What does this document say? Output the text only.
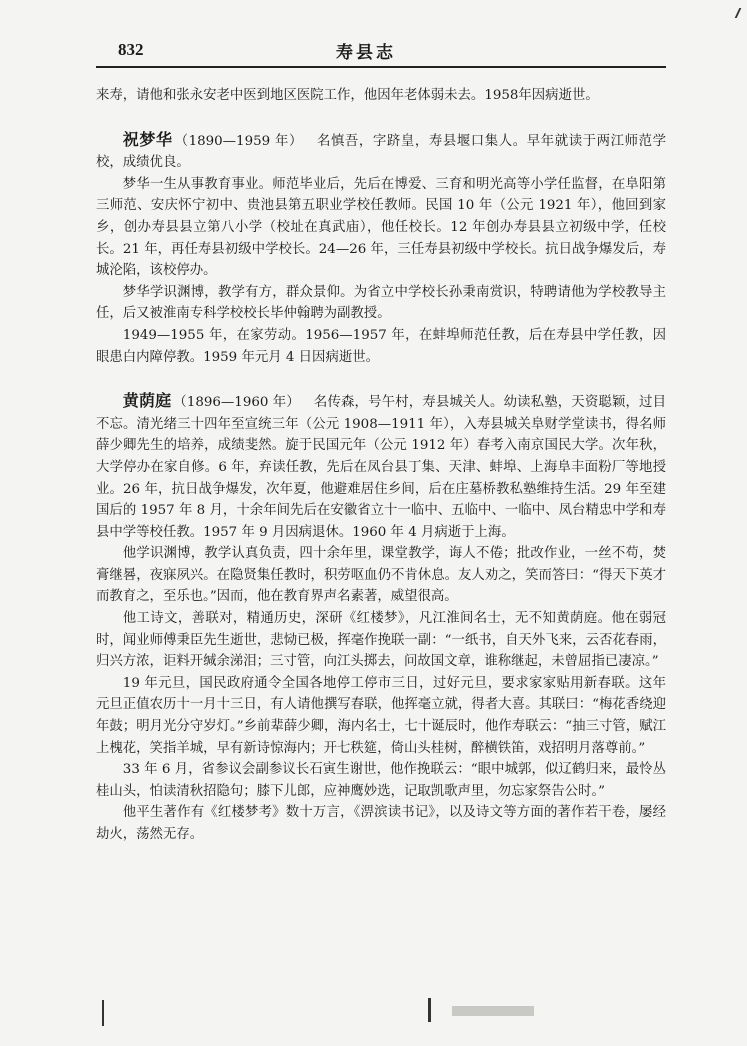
832	寿县志

来寿，请他和张永安老中医到地区医院工作，他因年老体弱未去。1958年因病逝世。

祝梦华 （1890—1959 年） 名慎吾，字跻皇，寿县堰口集人。早年就读于两江师范学校，成绩优良。

梦华一生从事教育事业。师范毕业后，先后在博爱、三育和明光高等小学任监督，在阜阳第三师范、安庆怀宁初中、贵池县第五职业学校任教师。民国 10 年（公元 1921 年），他回到家乡，创办寿县县立第八小学（校址在真武庙），他任校长。12 年创办寿县县立初级中学，任校长。21 年，再任寿县初级中学校长。24—26 年，三任寿县初级中学校长。抗日战争爆发后，寿城沦陷，该校停办。

梦华学识渊博，教学有方，群众景仰。为省立中学校长孙秉南赏识，特聘请他为学校教导主任，后又被淮南专科学校校长毕仲翰聘为副教授。

1949—1955 年，在家劳动。1956—1957 年，在蚌埠师范任教，后在寿县中学任教，因眼患白内障停教。1959 年元月 4 日因病逝世。

黄荫庭 （1896—1960 年） 名传森，号午村，寿县城关人。幼读私塾，天资聪颖，过目不忘。清光绪三十四年至宣统三年（公元 1908—1911 年），入寿县城关阜财学堂读书，得名师薛少卿先生的培养，成绩斐然。旋于民国元年（公元 1912 年）春考入南京国民大学。次年秋，大学停办在家自修。6 年，弃读任教，先后在凤台县丁集、天津、蚌埠、上海阜丰面粉厂等地授业。26 年，抗日战争爆发，次年夏，他避难居住乡间，后在庄墓桥教私塾维持生活。29 年至建国后的 1957 年 8 月，十余年间先后在安徽省立十一临中、五临中、一临中、凤台精忠中学和寿县中学等校任教。1957 年 9 月因病退休。1960 年 4 月病逝于上海。

他学识渊博，教学认真负责，四十余年里，课堂教学，诲人不倦；批改作业，一丝不苟，焚膏继晷，夜寐夙兴。在隐贤集任教时，积劳呕血仍不肯休息。友人劝之，笑而答曰：“得天下英才而教育之，至乐也。”因而，他在教育界声名素著，威望很高。

他工诗文，善联对，精通历史，深研《红楼梦》，凡江淮间名士，无不知黄荫庭。他在弱冠时，闻业师傅秉臣先生逝世，悲恸已极，挥毫作挽联一副：“一纸书，自天外飞来，云否花春雨，归兴方浓，讵料开缄余涕泪；三寸管，向江头掷去，问故国文章，谁称继起，未曾屈指已凄凉。”

19 年元旦，国民政府通令全国各地停工停市三日，过好元旦，要求家家贴用新春联。这年元旦正值农历十一月十三日，有人请他撰写春联，他挥毫立就，得者大喜。其联曰：“梅花香绕迎年鼓；明月光分守岁灯。”乡前辈薛少卿，海内名士，七十诞辰时，他作寿联云：“抽三寸管，赋江上槐花，笑指羊城，早有新诗惊海内；开七秩筵，倚山头桂树，醉横铁笛，戏招明月落尊前。”

33 年 6 月，省参议会副参议长石寅生谢世，他作挽联云：“眼中城郭，似辽鹤归来，最怜丛桂山头，怕读清秋招隐句；膝下儿郎，应神鹰妙选，记取凯歌声里，勿忘家祭告公时。”

他平生著作有《红楼梦考》数十万言，《淠滨读书记》，以及诗文等方面的著作若干卷，屡经劫火，荡然无存。
